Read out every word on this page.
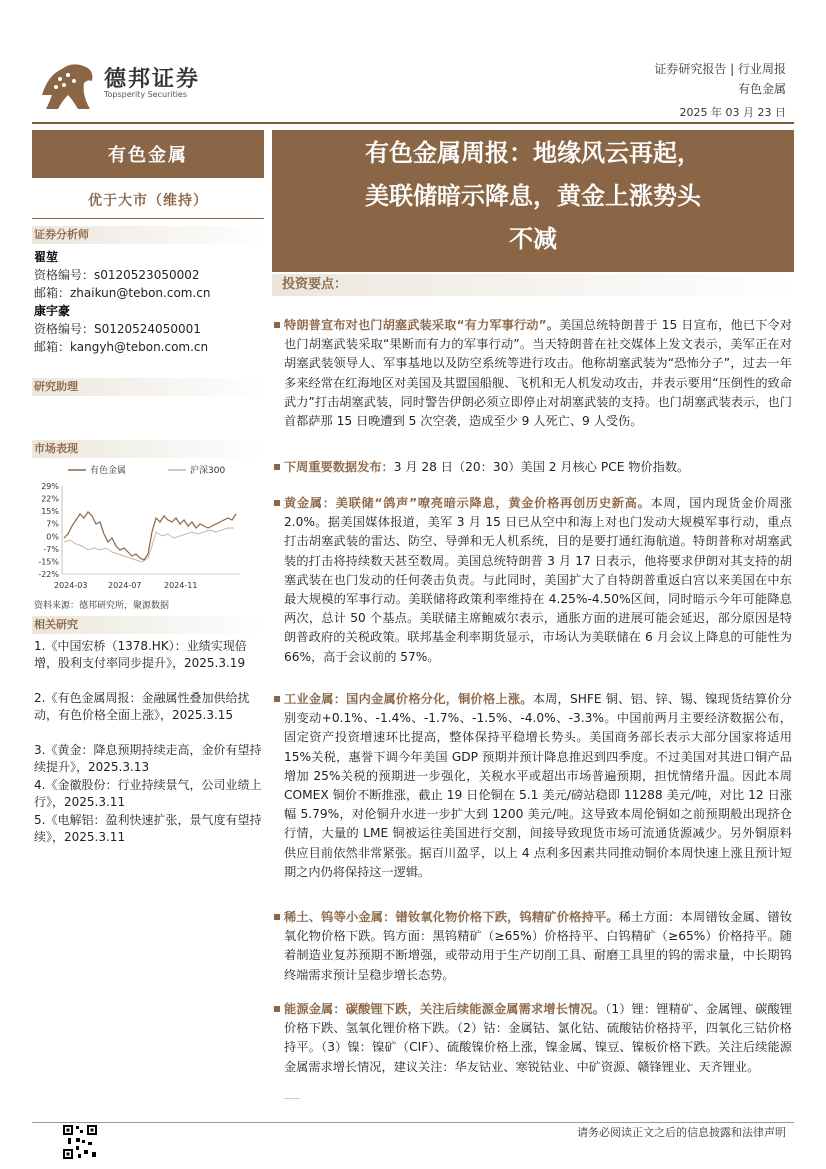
德邦证券
Topsperity Securities
证券研究报告 | 行业周报
有色金属
2025 年 03 月 23 日
有色金属
优于大市（维持）
证券分析师
翟堃
资格编号：s0120523050002
邮箱：zhaikun@tebon.com.cn
康宇豪
资格编号：S0120524050001
邮箱：kangyh@tebon.com.cn
研究助理
市场表现
有色金属	沪深300
29%
22%
15%
7%
0%
-7%
-15%
-22%
2024-03	2024-07	2024-11
资料来源：德邦研究所，聚源数据
相关研究
1.《中国宏桥（1378.HK）：业绩实现倍增，股利支付率同步提升》，2025.3.19
2.《有色金属周报：金融属性叠加供给扰动，有色价格全面上涨》，2025.3.15
3.《黄金：降息预期持续走高，金价有望持续提升》，2025.3.13
4.《金徽股份：行业持续景气，公司业绩上行》，2025.3.11
5.《电解铝：盈利快速扩张，景气度有望持续》，2025.3.11
有色金属周报：地缘风云再起，
美联储暗示降息，黄金上涨势头
不减
投资要点：
特朗普宣布对也门胡塞武装采取“有力军事行动”。美国总统特朗普于 15 日宣布，他已下令对也门胡塞武装采取“果断而有力的军事行动”。当天特朗普在社交媒体上发文表示，美军正在对胡塞武装领导人、军事基地以及防空系统等进行攻击。他称胡塞武装为“恐怖分子”，过去一年多来经常在红海地区对美国及其盟国船舰、飞机和无人机发动攻击，并表示要用“压倒性的致命武力”打击胡塞武装，同时警告伊朗必须立即停止对胡塞武装的支持。也门胡塞武装表示，也门首都萨那 15 日晚遭到 5 次空袭，造成至少 9 人死亡、9 人受伤。
下周重要数据发布：3 月 28 日（20：30）美国 2 月核心 PCE 物价指数。
黄金属：美联储“鸽声”嘹亮暗示降息，黄金价格再创历史新高。本周，国内现货金价周涨 2.0%。据美国媒体报道，美军 3 月 15 日已从空中和海上对也门发动大规模军事行动，重点打击胡塞武装的雷达、防空、导弹和无人机系统，目的是要打通红海航道。特朗普称对胡塞武装的打击将持续数天甚至数周。美国总统特朗普 3 月 17 日表示，他将要求伊朗对其支持的胡塞武装在也门发动的任何袭击负责。与此同时，美国扩大了自特朗普重返白宫以来美国在中东最大规模的军事行动。美联储将政策利率维持在 4.25%-4.50%区间，同时暗示今年可能降息两次，总计 50 个基点。美联储主席鲍威尔表示，通胀方面的进展可能会延迟，部分原因是特朗普政府的关税政策。联邦基金利率期货显示，市场认为美联储在 6 月会议上降息的可能性为 66%，高于会议前的 57%。
工业金属：国内金属价格分化，铜价格上涨。本周，SHFE 铜、铝、锌、锡、镍现货结算价分别变动+0.1%、-1.4%、-1.7%、-1.5%、-4.0%、-3.3%。中国前两月主要经济数据公布，固定资产投资增速环比提高，整体保持平稳增长势头。美国商务部长表示大部分国家将适用 15%关税，惠誉下调今年美国 GDP 预期并预计降息推迟到四季度。不过美国对其进口铜产品增加 25%关税的预期进一步强化，关税水平或超出市场普遍预期，担忧情绪升温。因此本周 COMEX 铜价不断推涨，截止 19 日伦铜在 5.1 美元/磅站稳即 11288 美元/吨，对比 12 日涨幅 5.79%，对伦铜升水进一步扩大到 1200 美元/吨。这导致本周伦铜如之前预期般出现挤仓行情，大量的 LME 铜被运往美国进行交割，间接导致现货市场可流通货源减少。另外铜原料供应目前依然非常紧张。据百川盈孚，以上 4 点利多因素共同推动铜价本周快速上涨且预计短期之内仍将保持这一逻辑。
稀土、钨等小金属：镨钕氧化物价格下跌，钨精矿价格持平。稀土方面：本周镨钕金属、镨钕氧化物价格下跌。钨方面：黑钨精矿（≥65%）价格持平、白钨精矿（≥65%）价格持平。随着制造业复苏预期不断增强，或带动用于生产切削工具、耐磨工具里的钨的需求量，中长期钨终端需求预计呈稳步增长态势。
能源金属：碳酸锂下跌，关注后续能源金属需求增长情况。（1）锂：锂精矿、金属锂、碳酸锂价格下跌、氢氧化锂价格下跌。（2）钴：金属钴、氯化钴、硫酸钴价格持平，四氧化三钴价格持平。（3）镍：镍矿（CIF）、硫酸镍价格上涨，镍金属、镍豆、镍板价格下跌。关注后续能源金属需求增长情况，建议关注：华友钴业、寒锐钴业、中矿资源、赣锋锂业、天齐锂业。
请务必阅读正文之后的信息披露和法律声明
